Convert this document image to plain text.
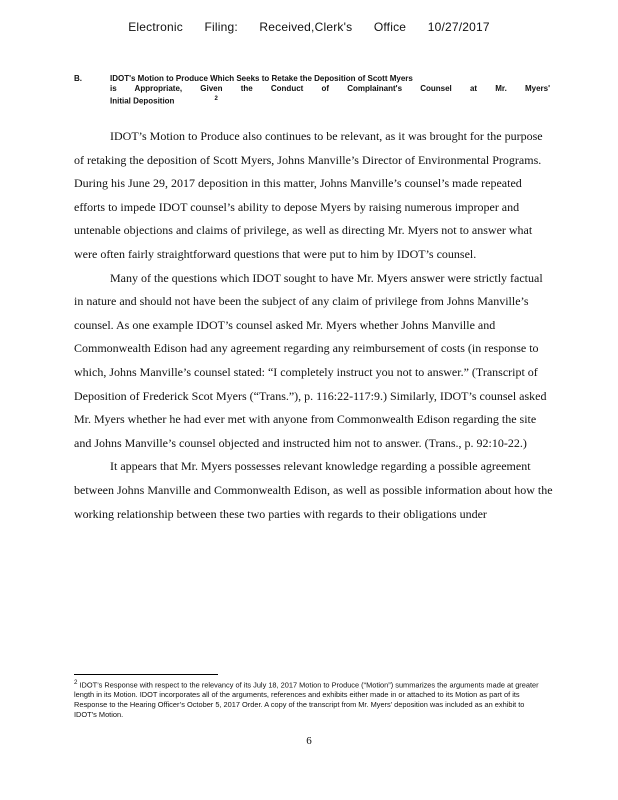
Electronic Filing: Received,Clerk's Office 10/27/2017
B.	IDOT's Motion to Produce Which Seeks to Retake the Deposition of Scott Myers
is Appropriate, Given the Conduct of Complainant's Counsel at Mr. Myers'
Initial Deposition	$^2$

IDOT’s Motion to Produce also continues to be relevant, as it was brought for the purpose of retaking the deposition of Scott Myers, Johns Manville’s Director of Environmental Programs. During his June 29, 2017 deposition in this matter, Johns Manville’s counsel’s made repeated efforts to impede IDOT counsel’s ability to depose Myers by raising numerous improper and untenable objections and claims of privilege, as well as directing Mr. Myers not to answer what were often fairly straightforward questions that were put to him by IDOT’s counsel.

Many of the questions which IDOT sought to have Mr. Myers answer were strictly factual in nature and should not have been the subject of any claim of privilege from Johns Manville’s counsel. As one example IDOT’s counsel asked Mr. Myers whether Johns Manville and Commonwealth Edison had any agreement regarding any reimbursement of costs (in response to which, Johns Manville’s counsel stated: “I completely instruct you not to answer.” (Transcript of Deposition of Frederick Scot Myers (“Trans.”), p. 116:22-117:9.) Similarly, IDOT’s counsel asked Mr. Myers whether he had ever met with anyone from Commonwealth Edison regarding the site and Johns Manville’s counsel objected and instructed him not to answer. (Trans., p. 92:10-22.)

It appears that Mr. Myers possesses relevant knowledge regarding a possible agreement between Johns Manville and Commonwealth Edison, as well as possible information about how the working relationship between these two parties with regards to their obligations under

$^2$ IDOT’s Response with respect to the relevancy of its July 18, 2017 Motion to Produce (“Motion”) summarizes the arguments made at greater length in its Motion. IDOT incorporates all of the arguments, references and exhibits either made in or attached to its Motion as part of its Response to the Hearing Officer’s October 5, 2017 Order. A copy of the transcript from Mr. Myers’ deposition was included as an exhibit to IDOT’s Motion.
6
